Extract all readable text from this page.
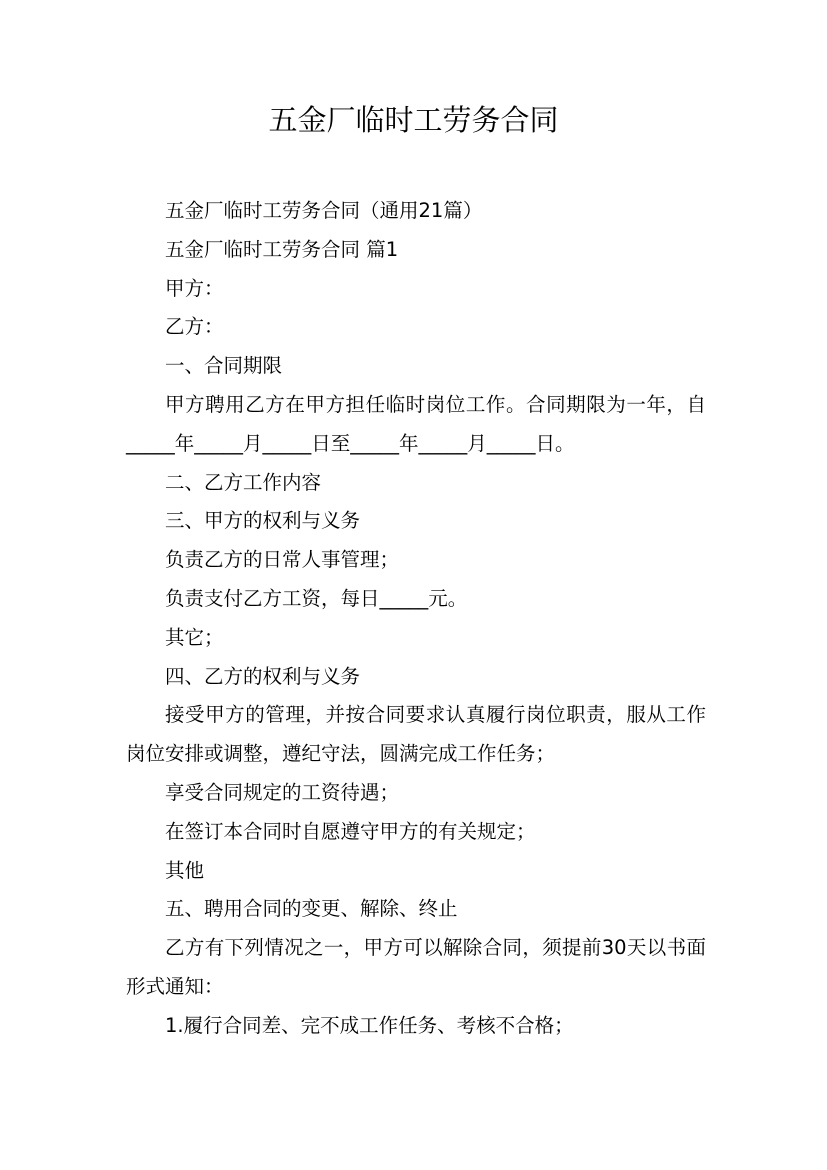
五金厂临时工劳务合同

五金厂临时工劳务合同（通用21篇）

五金厂临时工劳务合同 篇1

甲方：

乙方：

一、合同期限

甲方聘用乙方在甲方担任临时岗位工作。合同期限为一年，自_____年_____月_____日至_____年_____月_____日。

二、乙方工作内容

三、甲方的权利与义务

负责乙方的日常人事管理；

负责支付乙方工资，每日_____元。

其它；

四、乙方的权利与义务

接受甲方的管理，并按合同要求认真履行岗位职责，服从工作岗位安排或调整，遵纪守法，圆满完成工作任务；

享受合同规定的工资待遇；

在签订本合同时自愿遵守甲方的有关规定；

其他

五、聘用合同的变更、解除、终止

乙方有下列情况之一，甲方可以解除合同，须提前30天以书面形式通知：

1.履行合同差、完不成工作任务、考核不合格；
